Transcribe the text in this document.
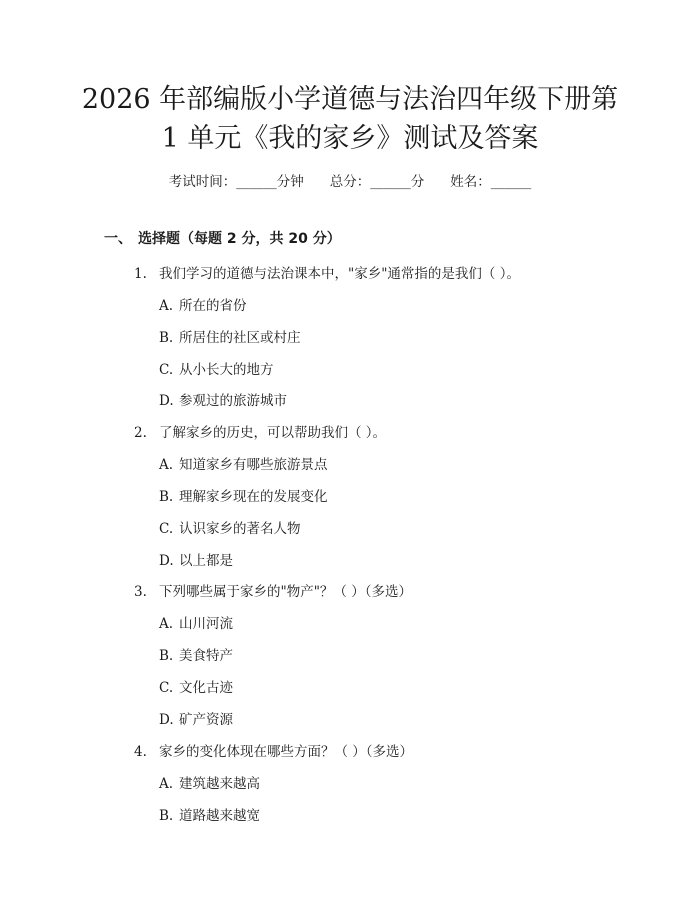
2026 年部编版小学道德与法治四年级下册第
1 单元《我的家乡》测试及答案
考试时间：______分钟 总分：______分 姓名：______
一、 选择题（每题 2 分，共 20 分）
1. 我们学习的道德与法治课本中，"家乡"通常指的是我们（ ）。
A. 所在的省份
B. 所居住的社区或村庄
C. 从小长大的地方
D. 参观过的旅游城市
2. 了解家乡的历史，可以帮助我们（ ）。
A. 知道家乡有哪些旅游景点
B. 理解家乡现在的发展变化
C. 认识家乡的著名人物
D. 以上都是
3. 下列哪些属于家乡的"物产"？（ ）（多选）
A. 山川河流
B. 美食特产
C. 文化古迹
D. 矿产资源
4. 家乡的变化体现在哪些方面？（ ）（多选）
A. 建筑越来越高
B. 道路越来越宽
